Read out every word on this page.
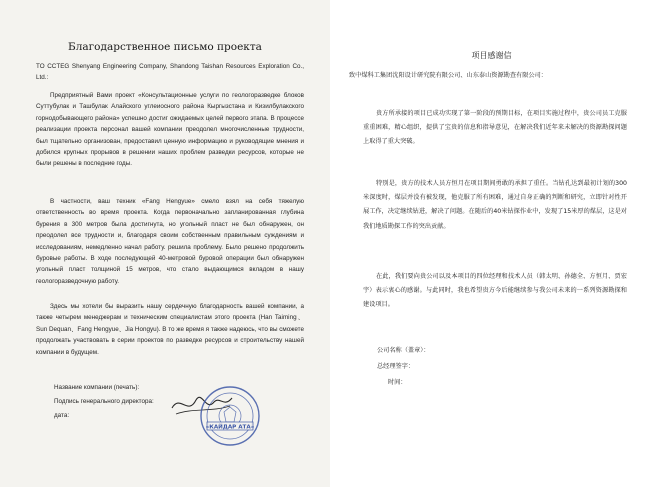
Благодарственное письмо проекта

TO CCTEG Shenyang Engineering Company, Shandong Taishan Resources Exploration Co., Ltd.:

Предприятный Вами проект «Консультационные услуги по геологоразведке блоков Суттубулак и Ташбулак Алайского углеиосного района Кыргызстана и Кизилбулакского горнодобывающего района» успешно достиг ожидаемых целей первого этапа. В процессе реализации проекта персонал вашей компании преодолел многочисленные трудности, был тщательно организован, предоставил ценную информацию и руководящие мнения и добился крупных прорывов в решении наших проблем разведки ресурсов, которые не были решены в последние годы.

В частности, ваш техник «Fang Hengyue» смело взял на себя тяжелую ответственность во время проекта. Когда первоначально запланированная глубина бурения в 300 метров была достигнута, но угольный пласт не был обнаружен, он преодолел все трудности и, благодаря своим собственным правильным суждениям и исследованиям, немедленно начал работу. решила проблему. Было решено продолжить буровые работы. В ходе последующей 40-метровой буровой операции был обнаружен угольный пласт толщиной 15 метров, что стало выдающимся вкладом в нашу геологоразведочную работу.

Здесь мы хотели бы выразить нашу сердечную благодарность вашей компании, а также четырем менеджерам и техническим специалистам этого проекта (Han Taiming、Sun Dequan、Fang Hengyue、Jia Hongyu). В то же время я также надеюсь, что вы сможете продолжать участвовать в серии проектов по разведке ресурсов и строительству нашей компании в будущем.

Название компании (печать):

Подпись генерального директора:

дата:

«КАЙДАР АТА»
项目感谢信

致中煤科工集团沈阳设计研究院有限公司、山东泰山资源勘查有限公司：

贵方所承接的项目已成功实现了第一阶段的预期目标，在项目实施过程中，贵公司员工克服重重困难，精心组织，提供了宝贵的信息和指导意见，在解决我们近年来未解决的资源勘探问题上取得了重大突破。

特别是，贵方的技术人员方恒月在项目期间勇敢的承担了重任。当钻孔达到最初计划的300米深度时，煤层并没有被发现，他克服了所有困难，通过自身正确的判断和研究，立即针对性开展工作，决定继续钻进，解决了问题。在随后的40米钻探作业中，发现了15米厚的煤层，这是对我们地质勘探工作的突出贡献。

在此，我们要向贵公司以及本项目的四位经理和技术人员（韩太明、孙德全、方恒月、贾宏宇）表示衷心的感谢。与此同时，我也希望贵方今后能继续参与我公司未来的一系列资源勘探和建设项目。

公司名称（盖章）：

总经理签字：

时间：
